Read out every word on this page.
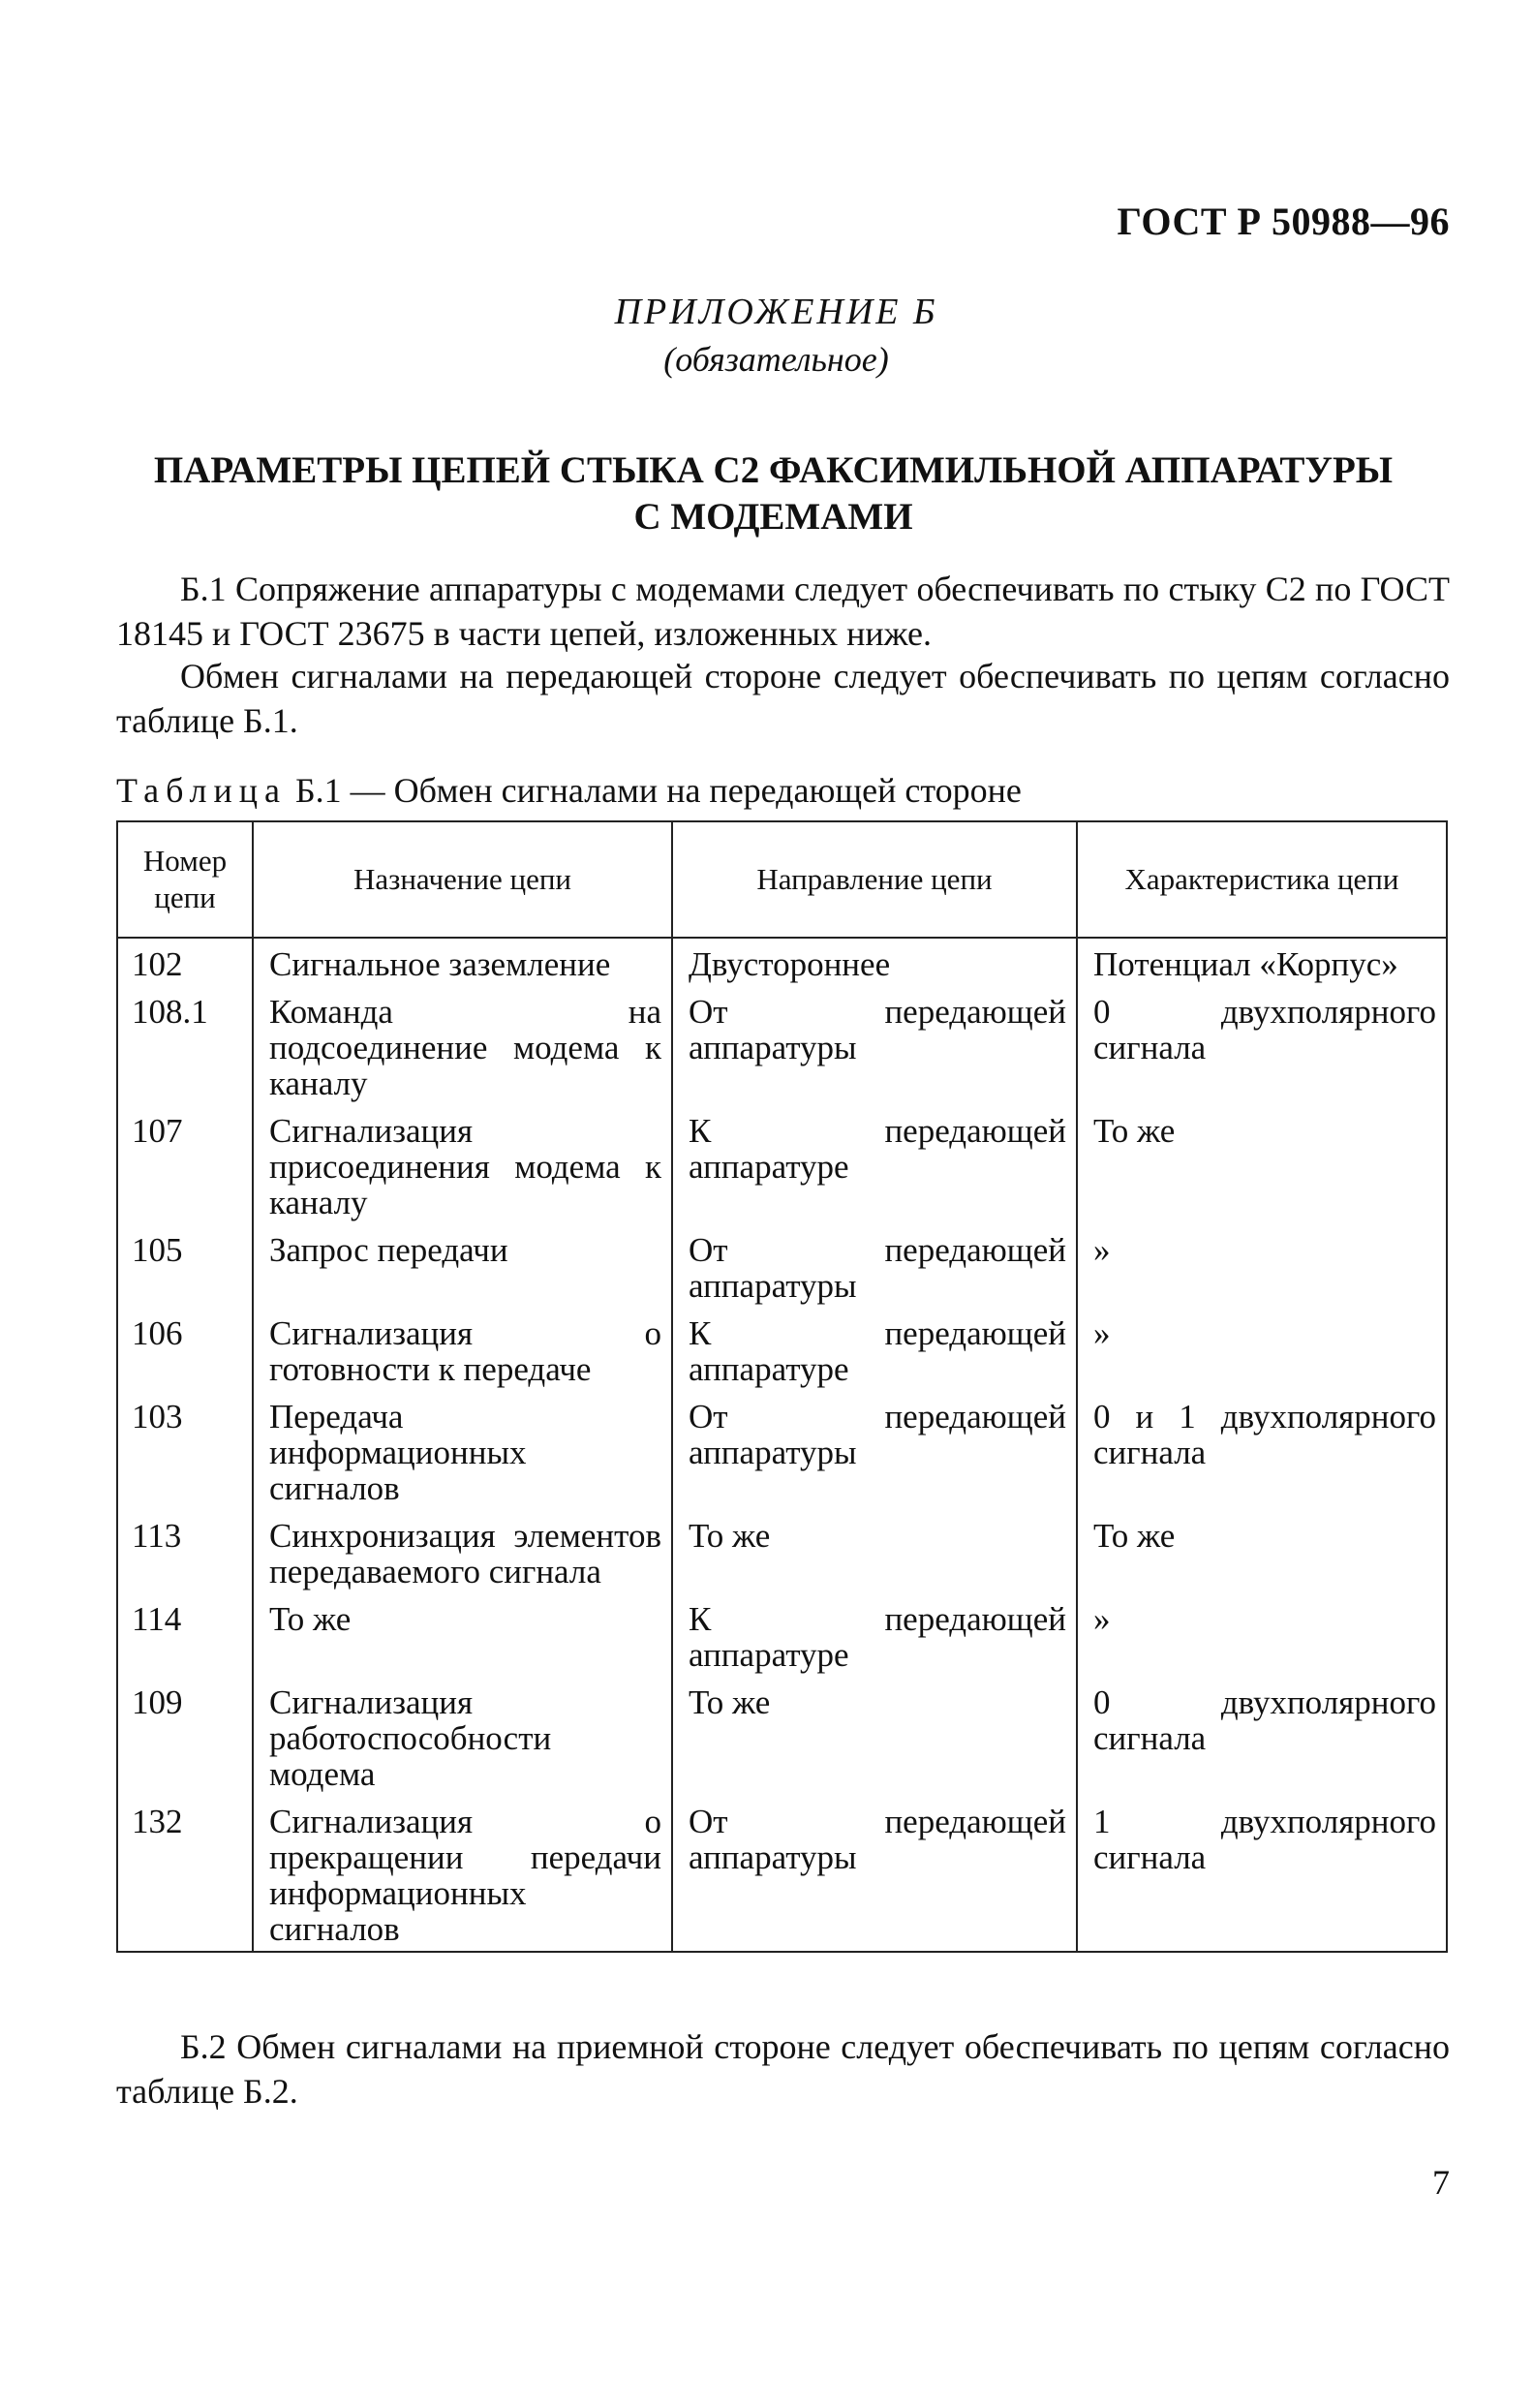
ГОСТ Р 50988—96
ПРИЛОЖЕНИЕ Б
(обязательное)
ПАРАМЕТРЫ ЦЕПЕЙ СТЫКА С2 ФАКСИМИЛЬНОЙ АППАРАТУРЫ
С МОДЕМАМИ
Б.1 Сопряжение аппаратуры с модемами следует обеспечивать по стыку С2 по ГОСТ 18145 и ГОСТ 23675 в части цепей, изложенных ниже.
Обмен сигналами на передающей стороне следует обеспечивать по цепям согласно таблице Б.1.
Таблица Б.1 — Обмен сигналами на передающей стороне
Номер цепи	Назначение цепи	Направление цепи	Характеристика цепи
102	Сигнальное заземление	Двустороннее	Потенциал «Корпус»
108.1	Команда на подсоединение модема к каналу	От передающей аппаратуры	0 двухполярного сигнала
107	Сигнализация присоединения модема к каналу	К передающей аппаратуре	То же
105	Запрос передачи	От передающей аппаратуры	»
106	Сигнализация о готовности к передаче	К передающей аппаратуре	»
103	Передача информационных сигналов	От передающей аппаратуры	0 и 1 двухполярного сигнала
113	Синхронизация элементов передаваемого сигнала	То же	То же
114	То же	К передающей аппаратуре	»
109	Сигнализация работоспособности модема	То же	0 двухполярного сигнала
132	Сигнализация о прекращении передачи информационных сигналов	От передающей аппаратуры	1 двухполярного сигнала
Б.2 Обмен сигналами на приемной стороне следует обеспечивать по цепям согласно таблице Б.2.
7
